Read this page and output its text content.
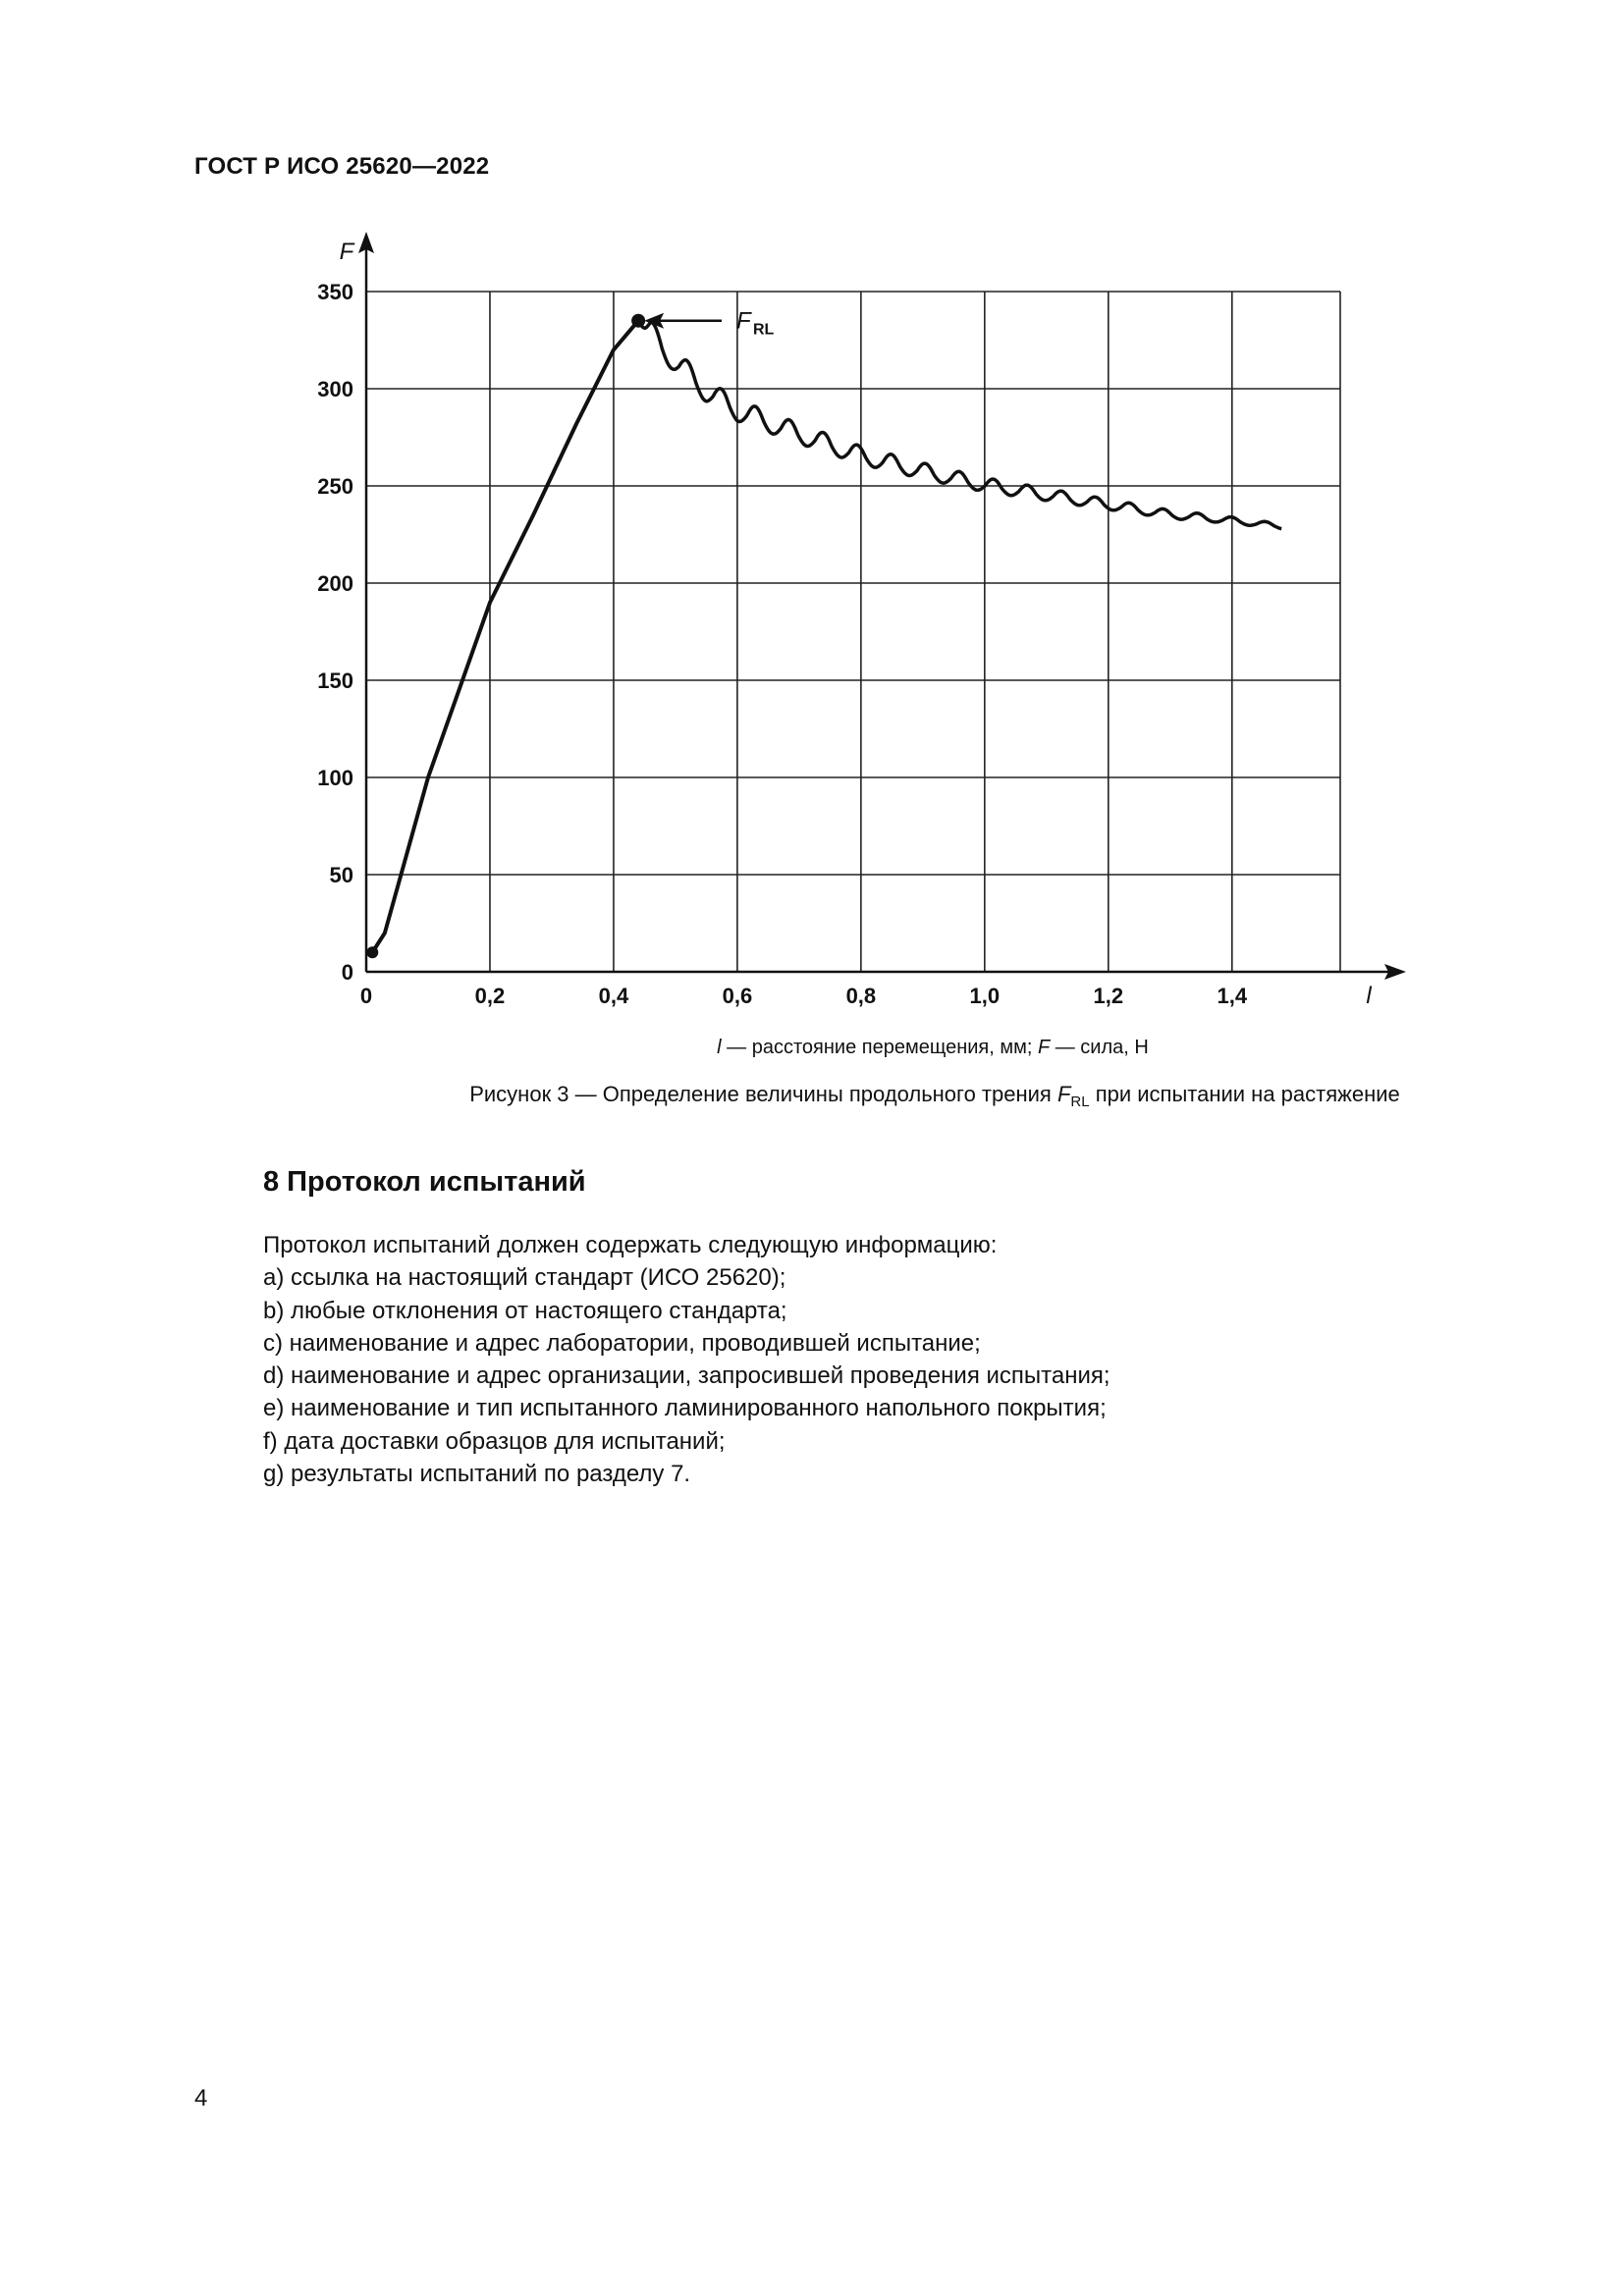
ГОСТ Р ИСО 25620—2022
F
l
0
50
100
150
200
250
300
350
0	0,2	0,4	0,6	0,8	1,0	1,2	1,4
F RL
l — расстояние перемещения, мм; F — сила, Н
Рисунок 3 — Определение величины продольного трения $F_{RL}$ при испытании на растяжение
8 Протокол испытаний

Протокол испытаний должен содержать следующую информацию:

a) ссылка на настоящий стандарт (ИСО 25620);

b) любые отклонения от настоящего стандарта;

c) наименование и адрес лаборатории, проводившей испытание;

d) наименование и адрес организации, запросившей проведения испытания;

e) наименование и тип испытанного ламинированного напольного покрытия;

f) дата доставки образцов для испытаний;

g) результаты испытаний по разделу 7.

4
